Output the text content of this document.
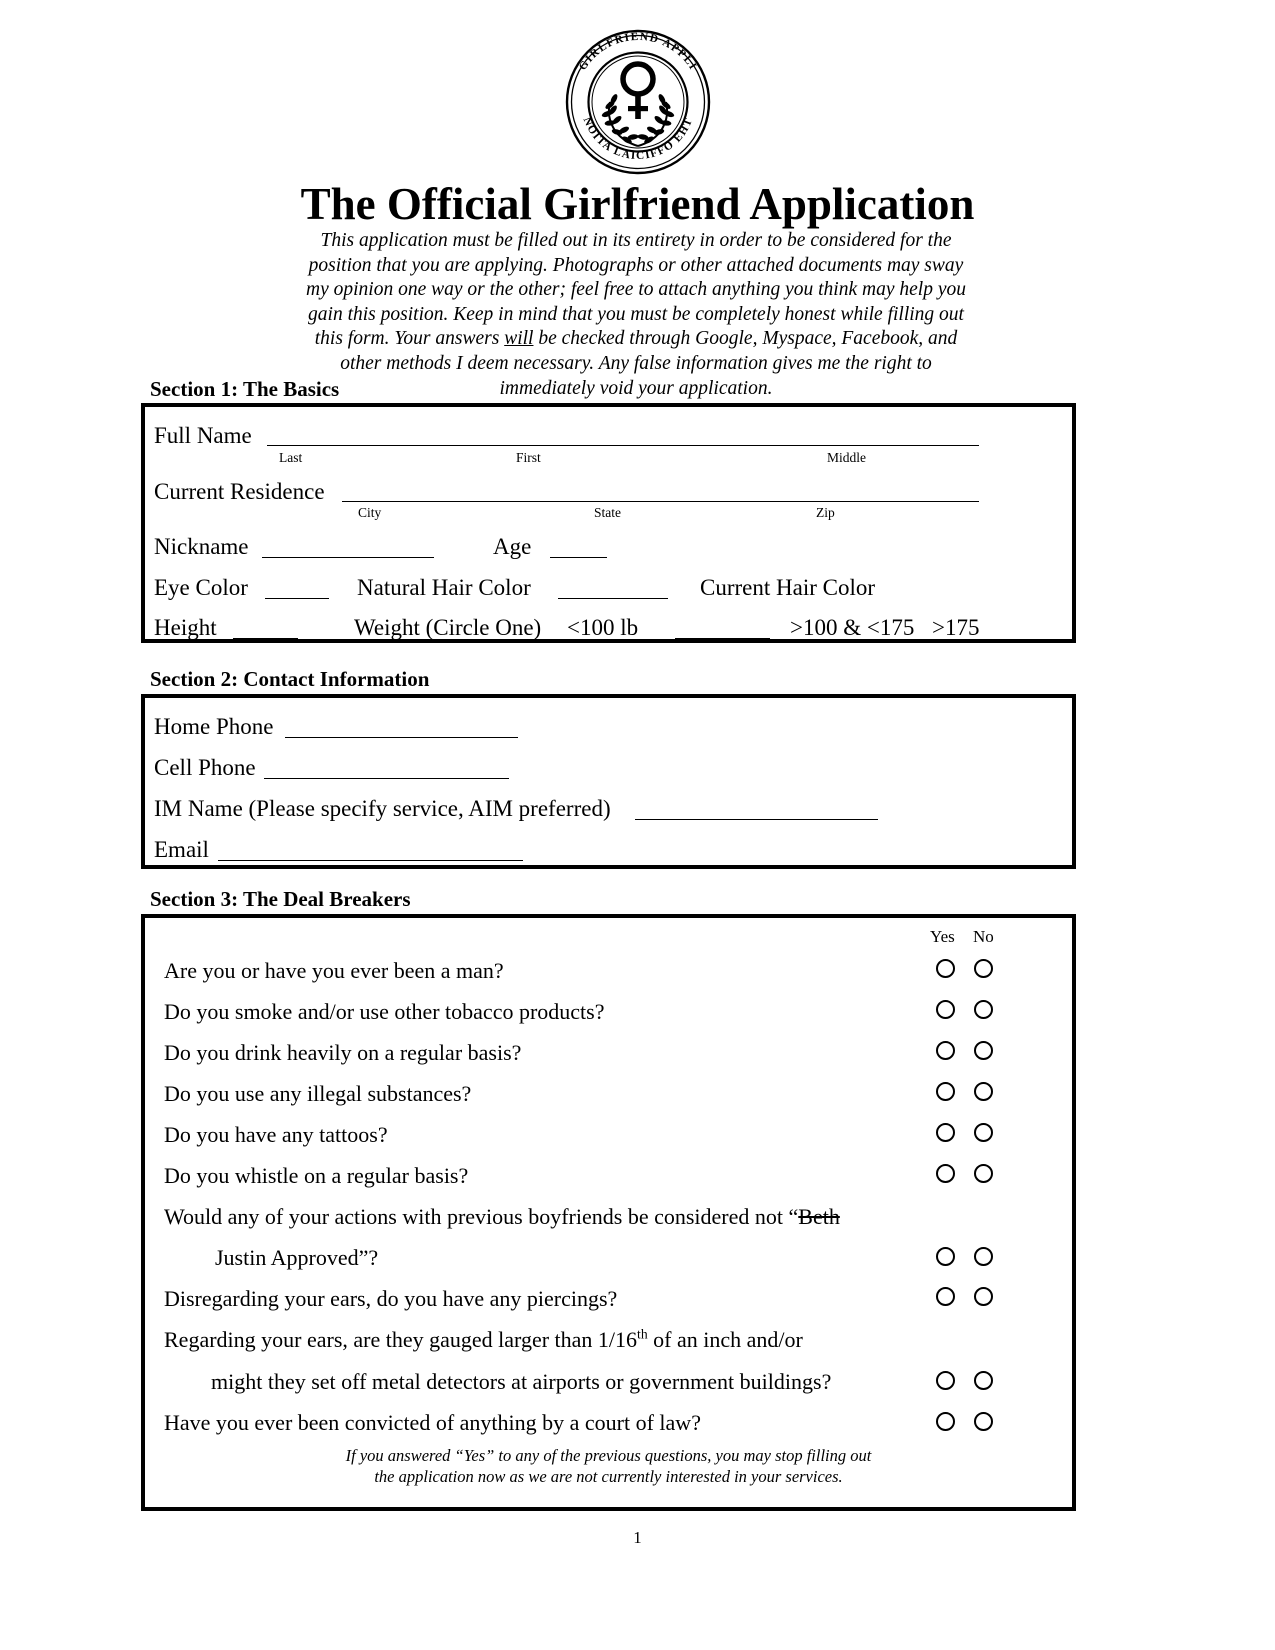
GIRLFRIEND APPLI
NOITA LAICIFFO EHT
The Official Girlfriend Application
This application must be filled out in its entirety in order to be considered for the position that you are applying. Photographs or other attached documents may sway my opinion one way or the other; feel free to attach anything you think may help you gain this position. Keep in mind that you must be completely honest while filling out this form. Your answers will be checked through Google, Myspace, Facebook, and other methods I deem necessary. Any false information gives me the right to immediately void your application.
Section 1: The Basics
Full Name
Last	First	Middle
Current Residence
City	State	Zip
Nickname	Age
Eye Color	Natural Hair Color	Current Hair Color
Height	Weight (Circle One) <100 lb	>100 & <175 >175
Section 2: Contact Information
Home Phone
Cell Phone
IM Name (Please specify service, AIM preferred)
Email
Section 3: The Deal Breakers
Yes No
Are you or have you ever been a man?
Do you smoke and/or use other tobacco products?
Do you drink heavily on a regular basis?
Do you use any illegal substances?
Do you have any tattoos?
Do you whistle on a regular basis?
Would any of your actions with previous boyfriends be considered not “Beth
Justin Approved”?
Disregarding your ears, do you have any piercings?
Regarding your ears, are they gauged larger than 1/16th of an inch and/or
might they set off metal detectors at airports or government buildings?
Have you ever been convicted of anything by a court of law?
If you answered “Yes” to any of the previous questions, you may stop filling out
the application now as we are not currently interested in your services.
1
